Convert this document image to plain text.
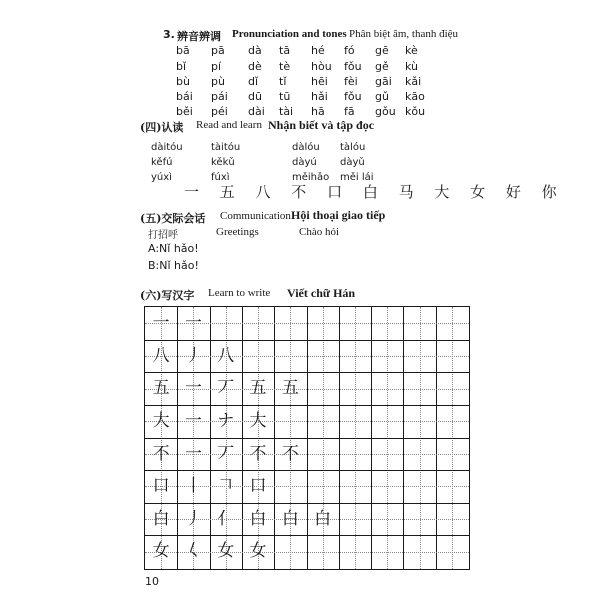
3. 辨音辨调 Pronunciation and tones Phân biệt âm, thanh điệu
bā pā dà tā hé fó gē kè
bǐ pí dè tè hòu fǒu gě kù
bù pù dǐ tǐ hēi fèi gāi kǎi
bái pái dū tū hǎi fǒu gǔ kāo
běi péi dài tài hā fā gǒu kǒu
(四)认读 Read and learn Nhận biết và tập đọc
dàitóu	tàitóu	dàlóu tàlóu
kěfú	kěkǔ	dàyú dàyǔ
yúxì	fúxì	měihǎo měi lái
一 五 八 不 口 白 马 大 女 好 你
(五)交际会话 Communication Hội thoại giao tiếp
打招呼	Greetings	Chào hỏi
A:Nǐ hǎo!
B:Nǐ hǎo!
(六)写汉字 Learn to write Viết chữ Hán
一 一
八 丿 八
五 一 丆 五 五
大 一 ナ 大
不 一 丆 不 不
口 丨 𠃍 口
白 丿 亻 白 白 白
女 𡿨 女 女
10
